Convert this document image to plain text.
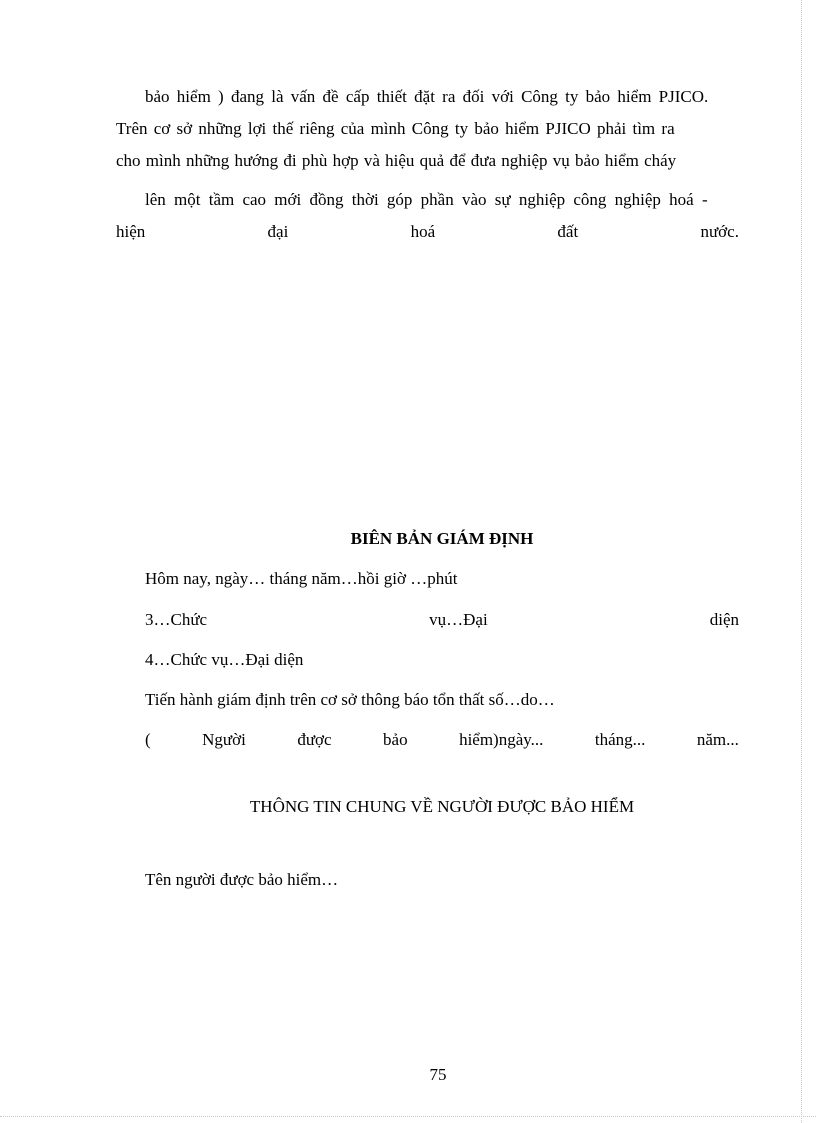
bảo hiểm ) đang là vấn đề cấp thiết đặt ra đối với Công ty bảo hiểm PJICO.
Trên cơ sở những lợi thế riêng của mình Công ty bảo hiểm PJICO phải tìm ra
cho mình những hướng đi phù hợp và hiệu quả để đưa nghiệp vụ bảo hiểm cháy
lên một tầm cao mới đồng thời góp phần vào sự nghiệp công nghiệp hoá -
hiện	đại	hoá	đất	nước.
BIÊN BẢN GIÁM ĐỊNH
Hôm nay, ngày… tháng năm…hồi giờ …phút
3…Chức	vụ…Đại	diện
4…Chức vụ…Đại diện
Tiến hành giám định trên cơ sở thông báo tổn thất số…do…
(	Người	được	bảo	hiểm)ngày...	tháng...	năm...
THÔNG TIN CHUNG VỀ NGƯỜI ĐƯỢC BẢO HIỂM
Tên người được bảo hiểm…
75
